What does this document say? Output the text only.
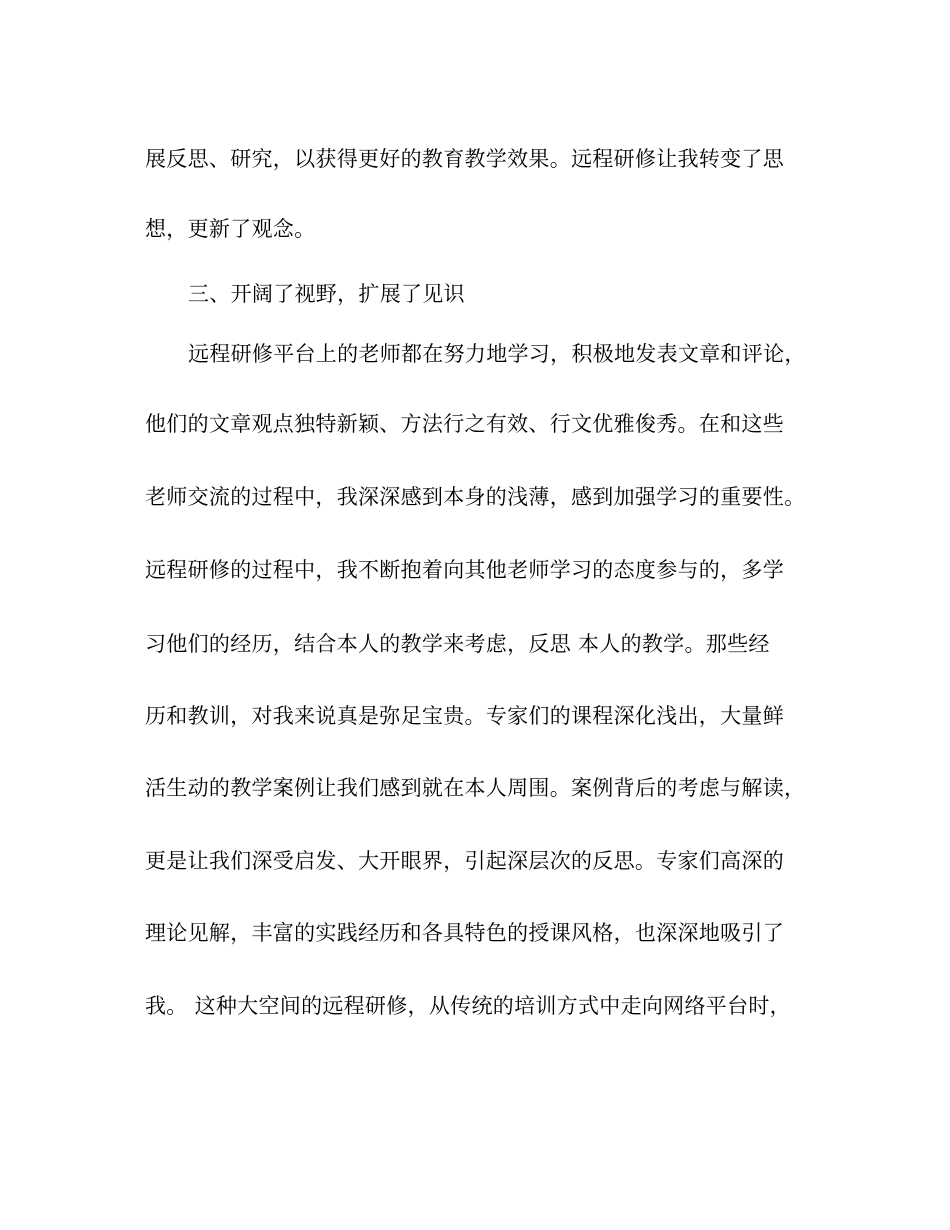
展反思、研究，以获得更好的教育教学效果。远程研修让我转变了思
想，更新了观念。
三、开阔了视野，扩展了见识
远程研修平台上的老师都在努力地学习，积极地发表文章和评论，
他们的文章观点独特新颖、方法行之有效、行文优雅俊秀。在和这些
老师交流的过程中，我深深感到本身的浅薄，感到加强学习的重要性。
远程研修的过程中，我不断抱着向其他老师学习的态度参与的，多学
习他们的经历，结合本人的教学来考虑，反思 本人的教学。那些经
历和教训，对我来说真是弥足宝贵。专家们的课程深化浅出，大量鲜
活生动的教学案例让我们感到就在本人周围。案例背后的考虑与解读，
更是让我们深受启发、大开眼界，引起深层次的反思。专家们高深的
理论见解，丰富的实践经历和各具特色的授课风格，也深深地吸引了
我。 这种大空间的远程研修，从传统的培训方式中走向网络平台时，
